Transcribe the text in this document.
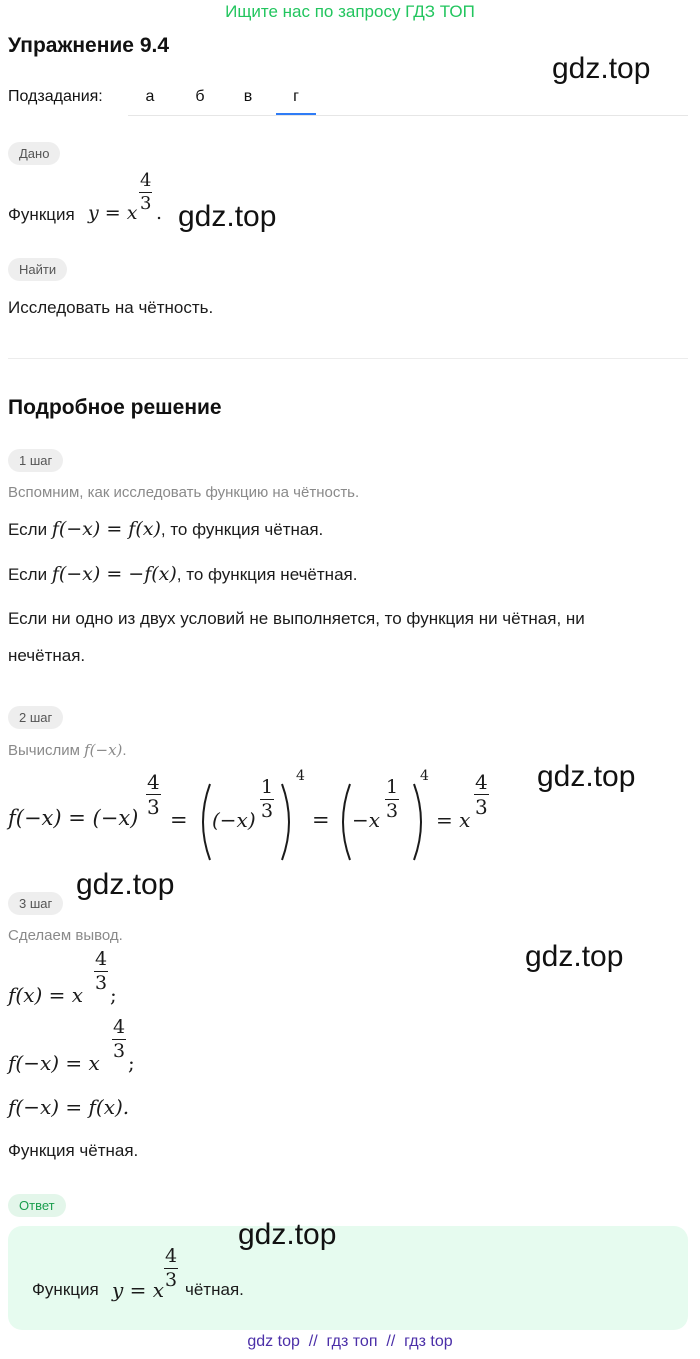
Ищите нас по запросу ГДЗ ТОП
Упражнение 9.4
gdz.top
Подзадания:	а	б	в	г
Дано
Функция y = x
4
3 . gdz.top
Найти
Исследовать на чётность.
Подробное решение
1 шаг
Вспомним, как исследовать функцию на чётность.
Если f(−x) = f(x), то функция чётная.
Если f(−x) = −f(x), то функция нечётная.
Если ни одно из двух условий не выполняется, то функция ни чётная, ни
нечётная.
2 шаг
Вычислим f(−x).
gdz.top
f(−x) = (−x)
4
3
= (−x)
1
3
4
= −x
1
3
4
= x
4
3
gdz.top
3 шаг
Сделаем вывод.
gdz.top
f(x) = x
4
3 ;
f(−x) = x
4
3 ;
f(−x) = f(x).
Функция чётная.
Ответ
gdz.top
Функция y = x
4
3 чётная.
gdz top  //  гдз топ  //  гдз top
